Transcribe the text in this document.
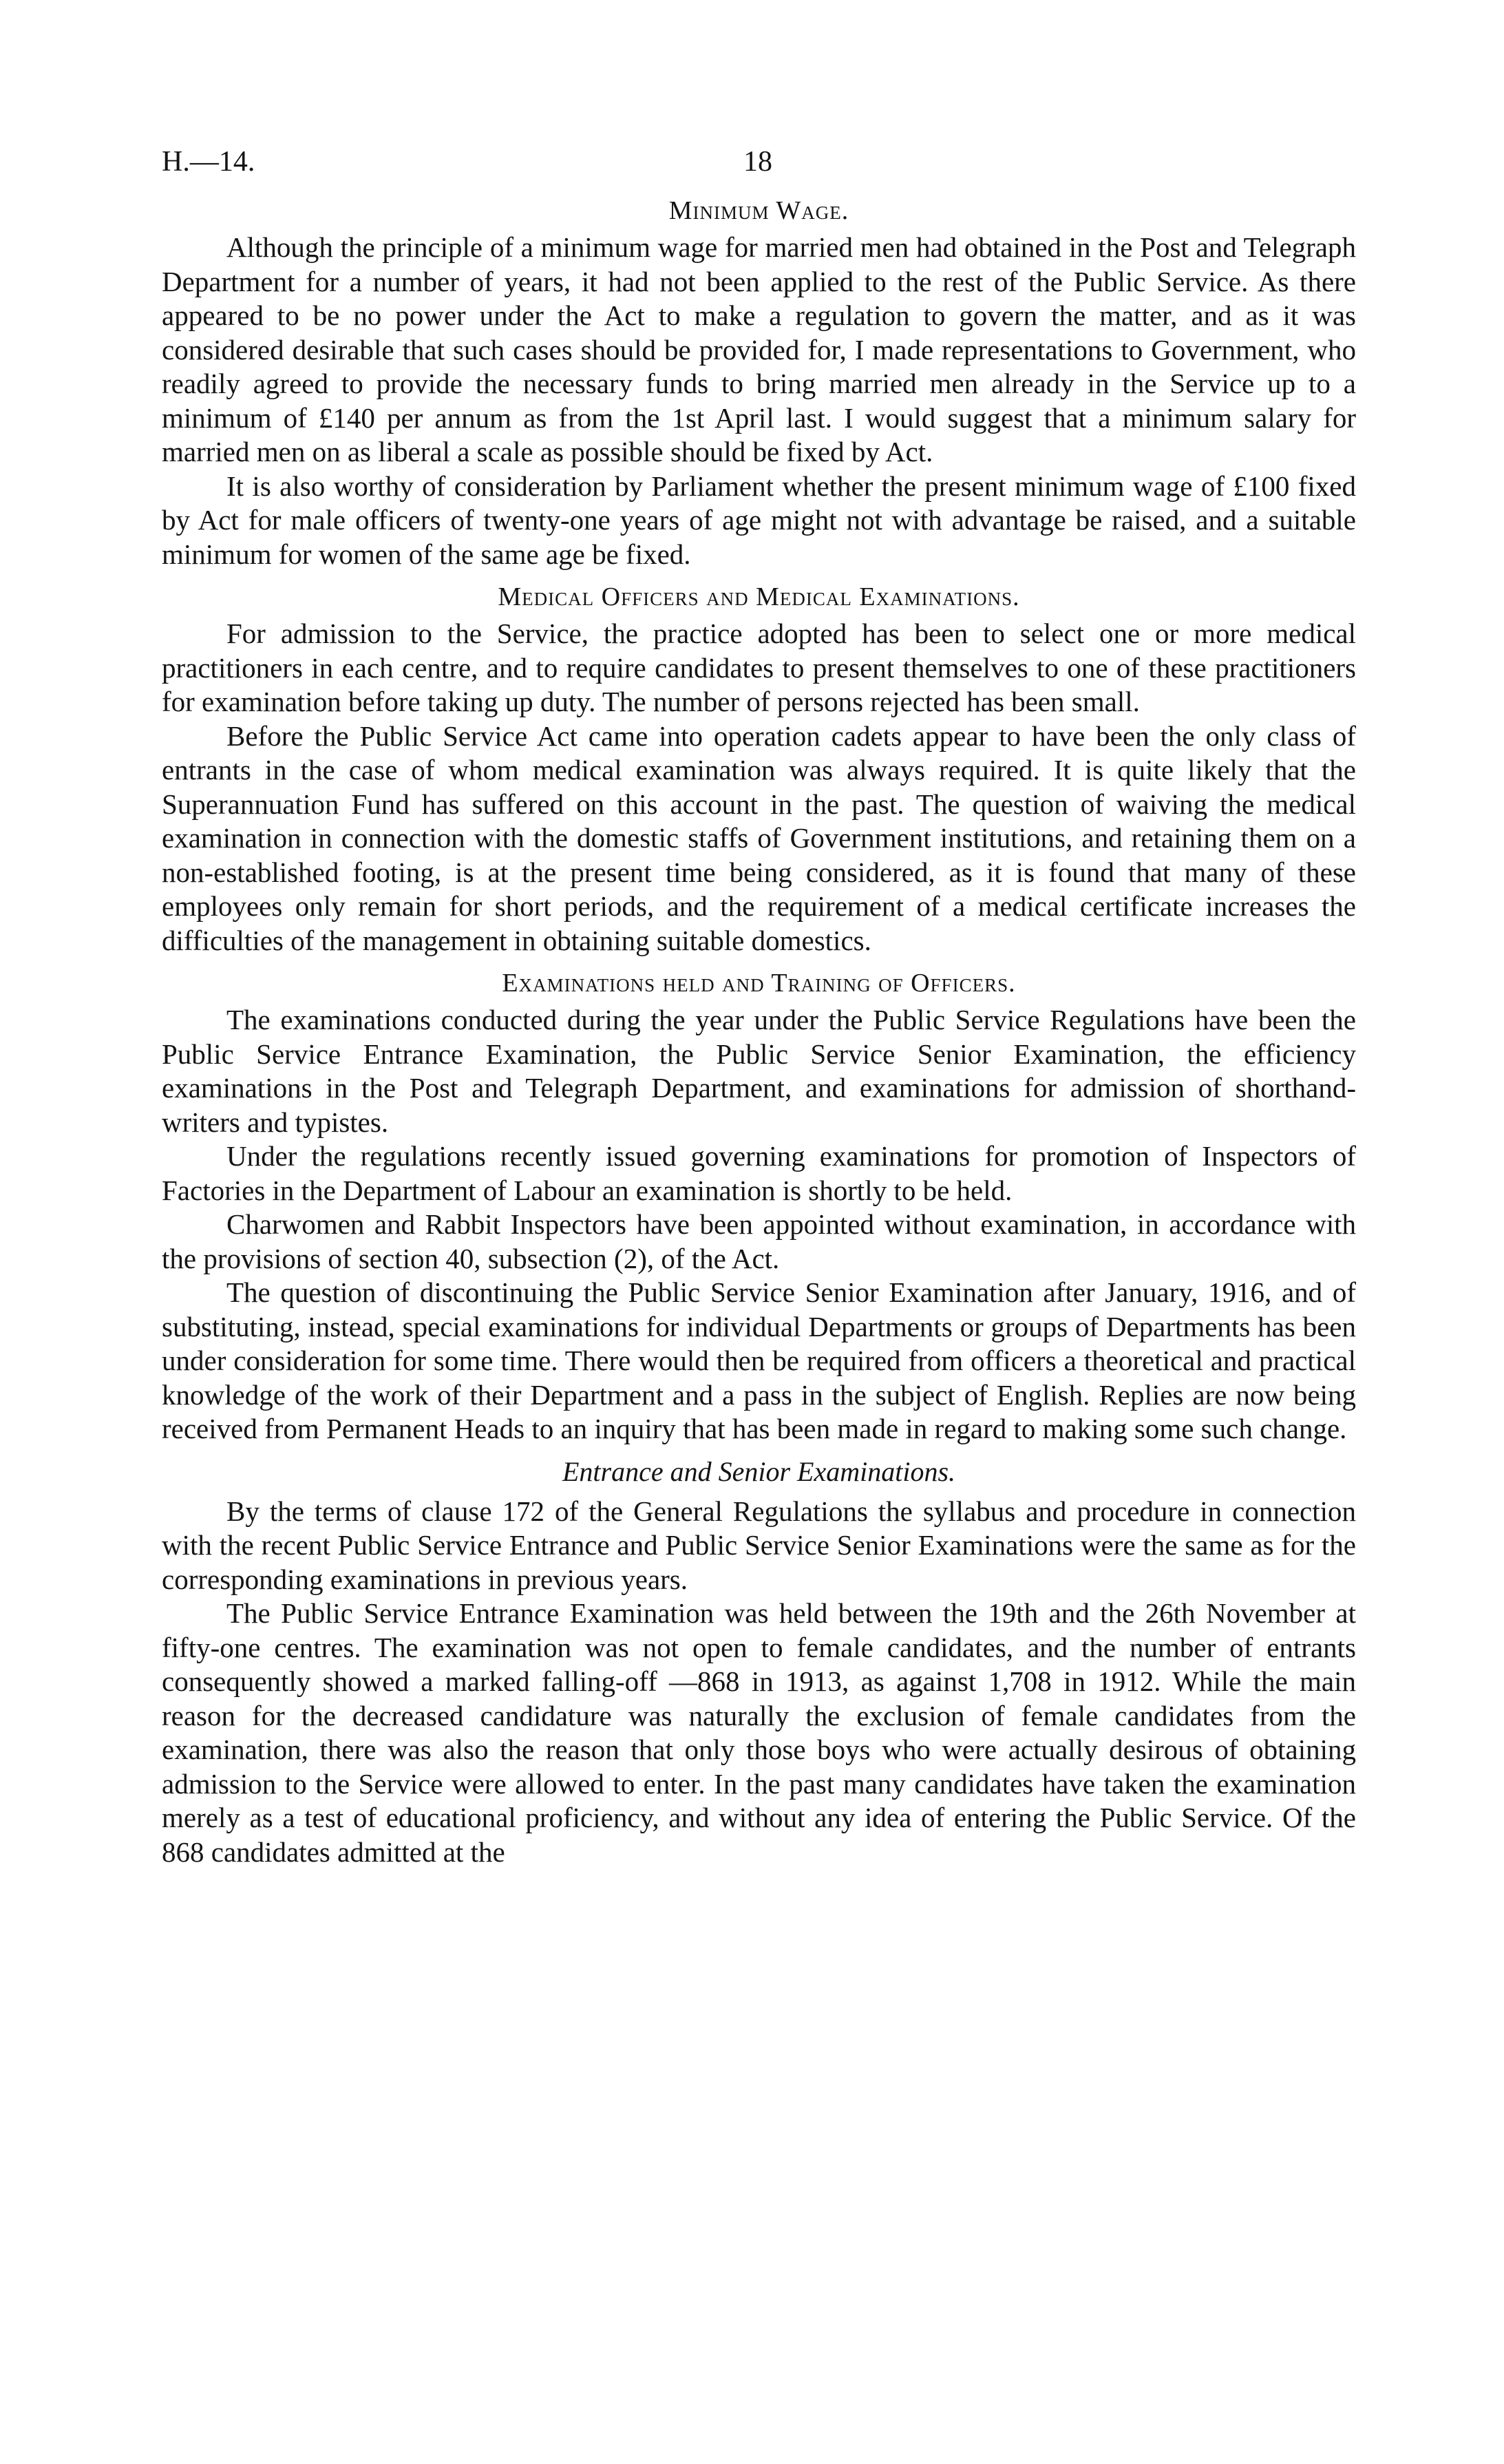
H.—14.	18
Minimum Wage.

Although the principle of a minimum wage for married men had obtained in the Post and Telegraph Department for a number of years, it had not been applied to the rest of the Public Service. As there appeared to be no power under the Act to make a regulation to govern the matter, and as it was considered desirable that such cases should be provided for, I made representations to Government, who readily agreed to provide the necessary funds to bring married men already in the Service up to a minimum of £140 per annum as from the 1st April last. I would suggest that a minimum salary for married men on as liberal a scale as possible should be fixed by Act.

It is also worthy of consideration by Parliament whether the present minimum wage of £100 fixed by Act for male officers of twenty-one years of age might not with advantage be raised, and a suitable minimum for women of the same age be fixed.

Medical Officers and Medical Examinations.

For admission to the Service, the practice adopted has been to select one or more medical practitioners in each centre, and to require candidates to present themselves to one of these practitioners for examination before taking up duty. The number of persons rejected has been small.

Before the Public Service Act came into operation cadets appear to have been the only class of entrants in the case of whom medical examination was always required. It is quite likely that the Superannuation Fund has suffered on this account in the past. The question of waiving the medical examination in connection with the domestic staffs of Government institutions, and retaining them on a non-established footing, is at the present time being considered, as it is found that many of these employees only remain for short periods, and the requirement of a medical certificate increases the difficulties of the management in obtaining suitable domestics.

Examinations held and Training of Officers.

The examinations conducted during the year under the Public Service Regulations have been the Public Service Entrance Examination, the Public Service Senior Examination, the efficiency examinations in the Post and Telegraph Department, and examinations for admission of shorthand-writers and typistes.

Under the regulations recently issued governing examinations for promotion of Inspectors of Factories in the Department of Labour an examination is shortly to be held.

Charwomen and Rabbit Inspectors have been appointed without examination, in accordance with the provisions of section 40, subsection (2), of the Act.

The question of discontinuing the Public Service Senior Examination after January, 1916, and of substituting, instead, special examinations for individual Departments or groups of Departments has been under consideration for some time. There would then be required from officers a theoretical and practical knowledge of the work of their Department and a pass in the subject of English. Replies are now being received from Permanent Heads to an inquiry that has been made in regard to making some such change.

Entrance and Senior Examinations.

By the terms of clause 172 of the General Regulations the syllabus and procedure in connection with the recent Public Service Entrance and Public Service Senior Examinations were the same as for the corresponding examinations in previous years.

The Public Service Entrance Examination was held between the 19th and the 26th November at fifty-one centres. The examination was not open to female candidates, and the number of entrants consequently showed a marked falling-off —868 in 1913, as against 1,708 in 1912. While the main reason for the decreased candidature was naturally the exclusion of female candidates from the examination, there was also the reason that only those boys who were actually desirous of obtaining admission to the Service were allowed to enter. In the past many candidates have taken the examination merely as a test of educational proficiency, and without any idea of entering the Public Service. Of the 868 candidates admitted at the
